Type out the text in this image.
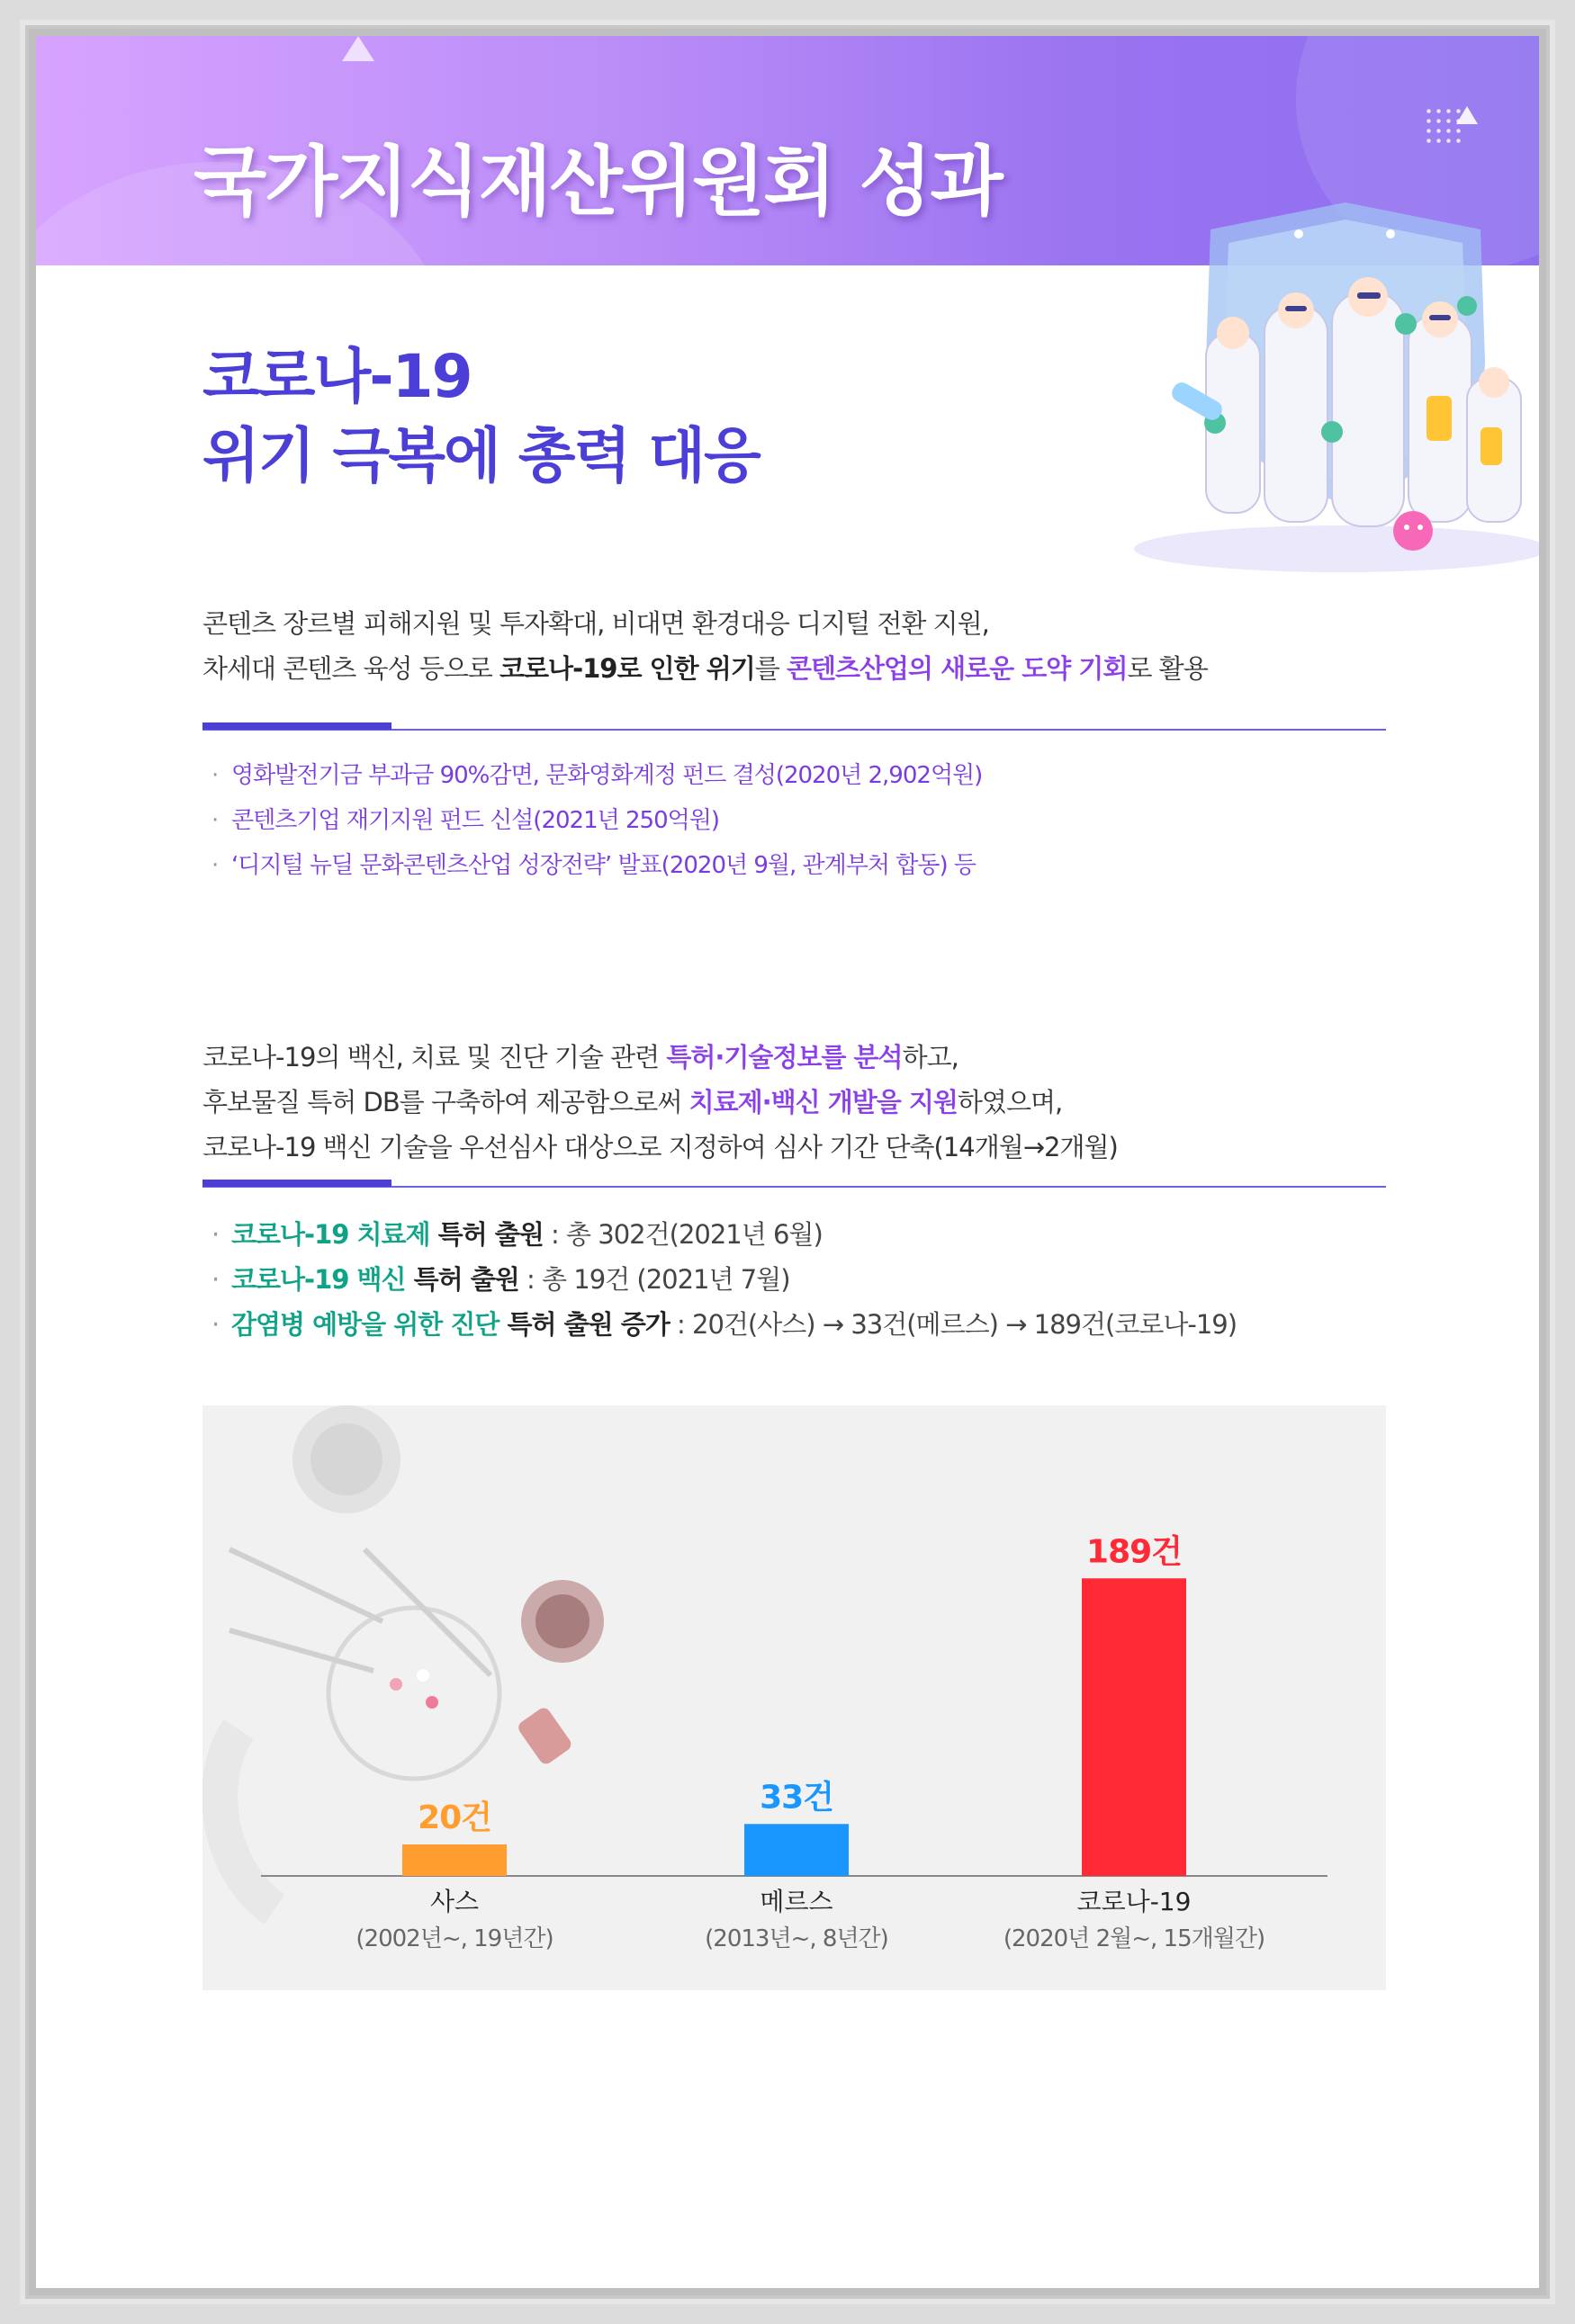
국가지식재산위원회 성과
코로나-19
위기 극복에 총력 대응
콘텐츠 장르별 피해지원 및 투자확대, 비대면 환경대응 디지털 전환 지원,
차세대 콘텐츠 육성 등으로 코로나-19로 인한 위기를 콘텐츠산업의 새로운 도약 기회로 활용
· 영화발전기금 부과금 90%감면, 문화영화계정 펀드 결성(2020년 2,902억원)
· 콘텐츠기업 재기지원 펀드 신설(2021년 250억원)
· ‘디지털 뉴딜 문화콘텐츠산업 성장전략’ 발표(2020년 9월, 관계부처 합동) 등
코로나-19의 백신, 치료 및 진단 기술 관련 특허·기술정보를 분석하고,
후보물질 특허 DB를 구축하여 제공함으로써 치료제·백신 개발을 지원하였으며,
코로나-19 백신 기술을 우선심사 대상으로 지정하여 심사 기간 단축(14개월→2개월)
· 코로나-19 치료제 특허 출원 : 총 302건(2021년 6월)
· 코로나-19 백신 특허 출원 : 총 19건 (2021년 7월)
· 감염병 예방을 위한 진단 특허 출원 증가 : 20건(사스) → 33건(메르스) → 189건(코로나-19)
20건
사스
(2002년~, 19년간)
33건
메르스
(2013년~, 8년간)
189건
코로나-19
(2020년 2월~, 15개월간)
